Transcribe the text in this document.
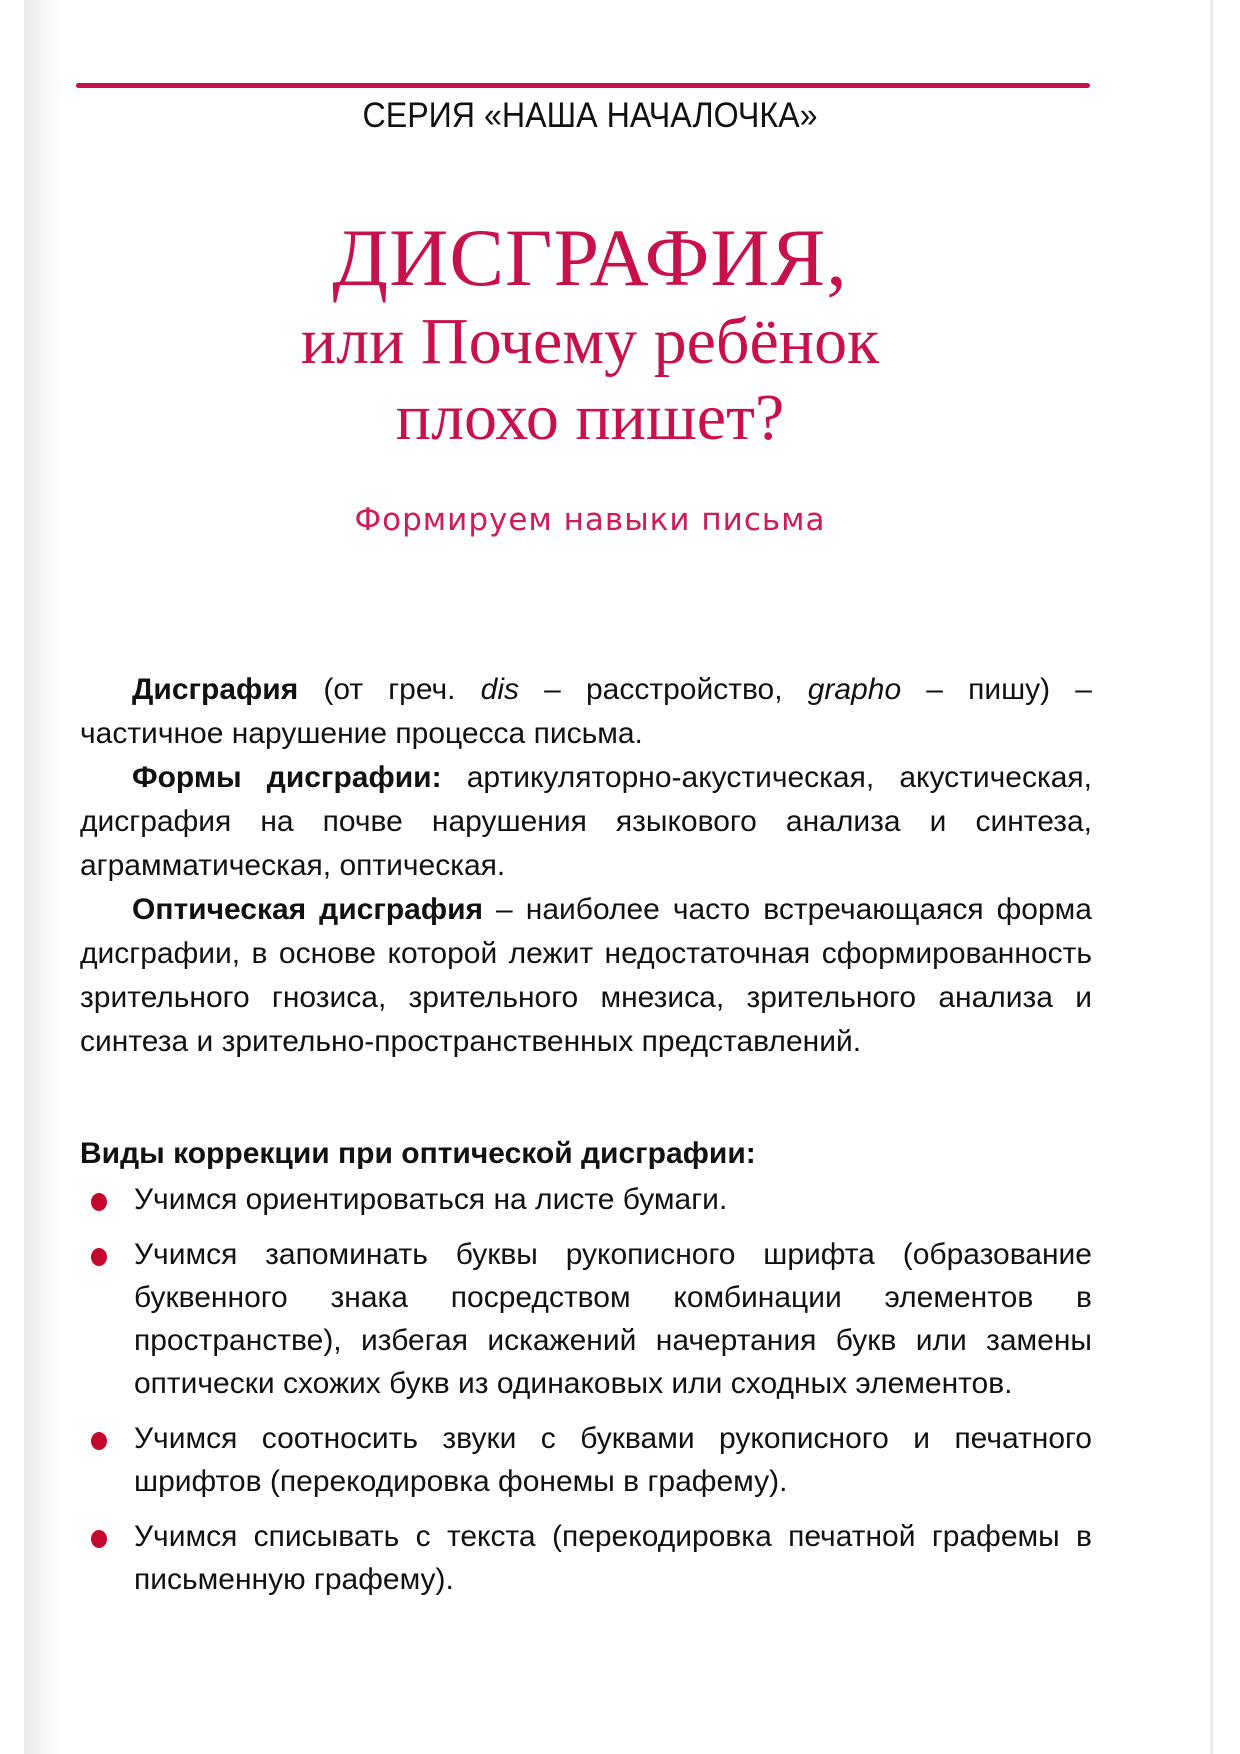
СЕРИЯ «НАША НАЧАЛОЧКА»
ДИСГРАФИЯ,
или Почему ребёнок
плохо пишет?
Формируем навыки письма

Дисграфия (от греч. dis – расстройство, grapho – пишу) – частичное нарушение процесса письма.

Формы дисграфии: артикуляторно-акустическая, акустическая, дисграфия на почве нарушения языкового анализа и синтеза, аграмматическая, оптическая.

Оптическая дисграфия – наиболее часто встречающаяся форма дисграфии, в основе которой лежит недостаточная сформированность зрительного гнозиса, зрительного мнезиса, зрительного анализа и синтеза и зрительно-пространственных представлений.

Виды коррекции при оптической дисграфии:
Учимся ориентироваться на листе бумаги.
Учимся запоминать буквы рукописного шрифта (образование буквенного знака посредством комбинации элементов в пространстве), избегая искажений начертания букв или замены оптически схожих букв из одинаковых или сходных элементов.
Учимся соотносить звуки с буквами рукописного и печатного шрифтов (перекодировка фонемы в графему).
Учимся списывать с текста (перекодировка печатной графемы в письменную графему).
